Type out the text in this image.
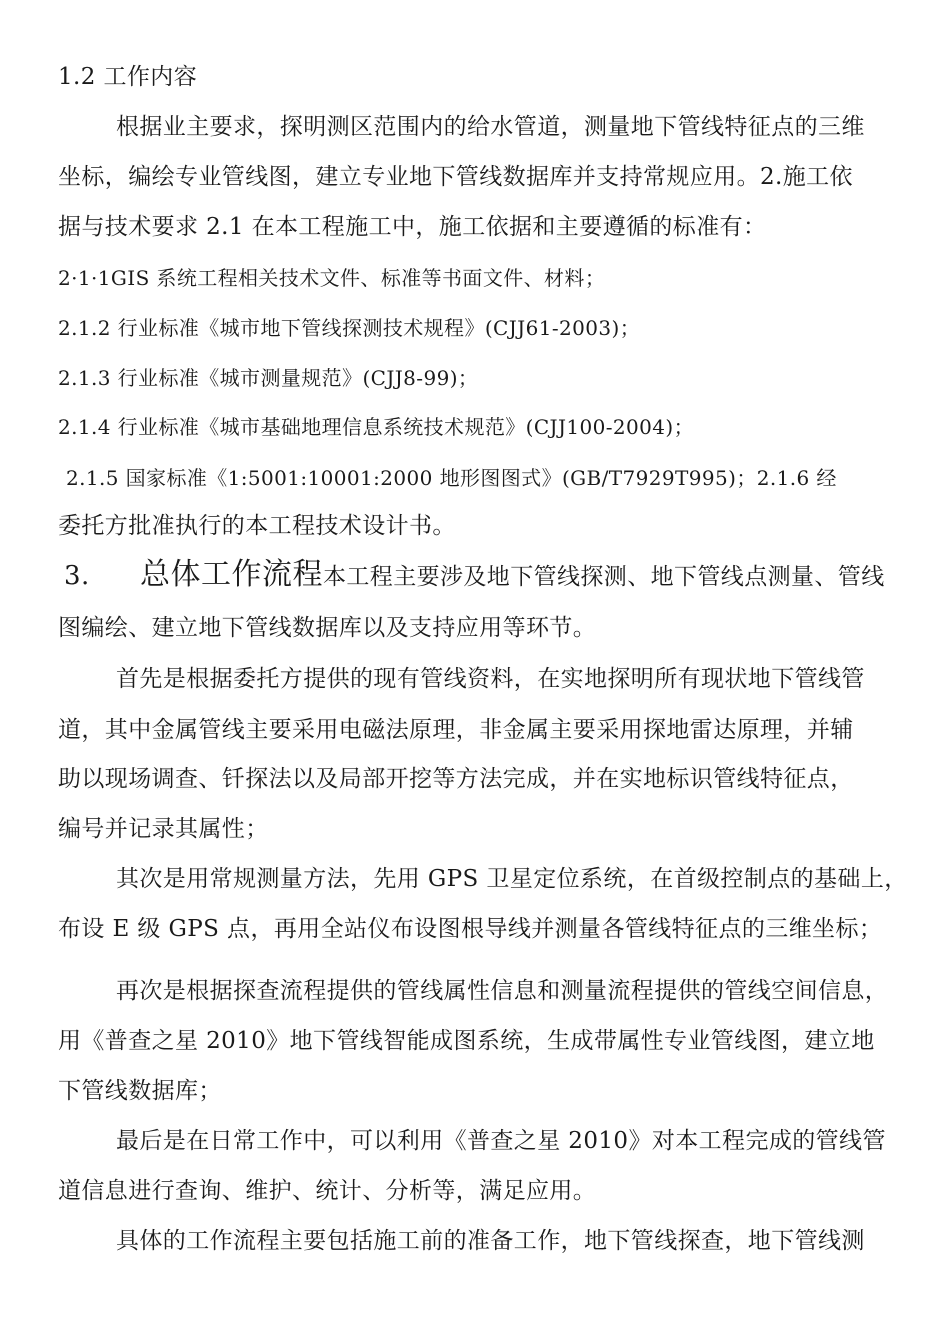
1.2 工作内容
根据业主要求，探明测区范围内的给水管道，测量地下管线特征点的三维
坐标，编绘专业管线图，建立专业地下管线数据库并支持常规应用。2.施工依
据与技术要求 2.1 在本工程施工中，施工依据和主要遵循的标准有：
2·1·1GIS 系统工程相关技术文件、标准等书面文件、材料；
2.1.2 行业标准《城市地下管线探测技术规程》(CJJ61-2003)；
2.1.3 行业标准《城市测量规范》(CJJ8-99)；
2.1.4 行业标准《城市基础地理信息系统技术规范》(CJJ100-2004)；
2.1.5 国家标准《1:5001:10001:2000 地形图图式》(GB/T7929T995)；2.1.6 经
委托方批准执行的本工程技术设计书。
3. 总体工作流程本工程主要涉及地下管线探测、地下管线点测量、管线
图编绘、建立地下管线数据库以及支持应用等环节。
首先是根据委托方提供的现有管线资料，在实地探明所有现状地下管线管
道，其中金属管线主要采用电磁法原理，非金属主要采用探地雷达原理，并辅
助以现场调查、钎探法以及局部开挖等方法完成，并在实地标识管线特征点，
编号并记录其属性；
其次是用常规测量方法，先用 GPS 卫星定位系统，在首级控制点的基础上，
布设 E 级 GPS 点，再用全站仪布设图根导线并测量各管线特征点的三维坐标；
再次是根据探查流程提供的管线属性信息和测量流程提供的管线空间信息，
用《普查之星 2010》地下管线智能成图系统，生成带属性专业管线图，建立地
下管线数据库；
最后是在日常工作中，可以利用《普查之星 2010》对本工程完成的管线管
道信息进行查询、维护、统计、分析等，满足应用。
具体的工作流程主要包括施工前的准备工作，地下管线探查，地下管线测
